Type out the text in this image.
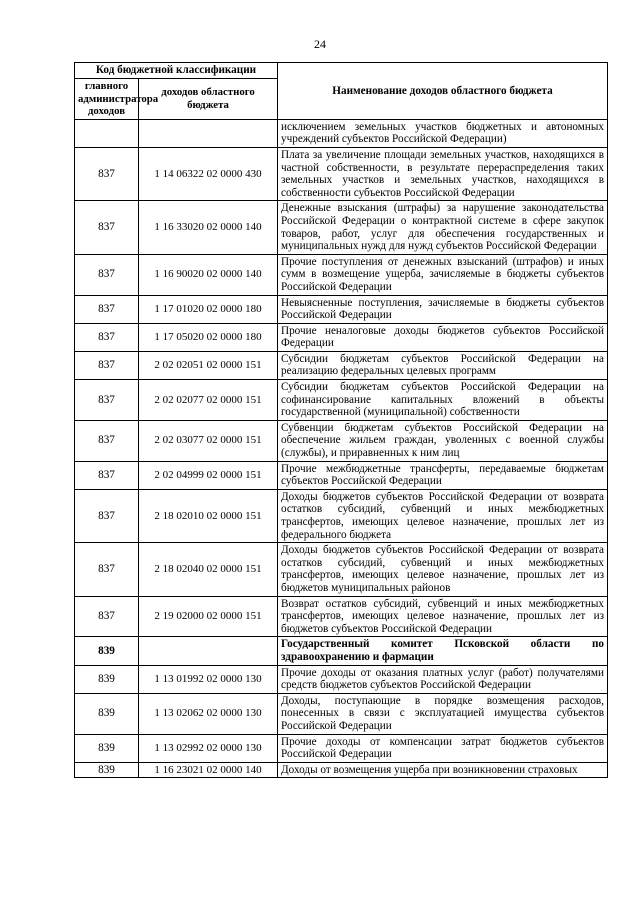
24
Код бюджетной классификации		Наименование доходов областного бюджета
главного администратора доходов	доходов областного бюджета	
		исключением земельных участков бюджетных и автономных учреждений субъектов Российской Федерации)
837	1 14 06322 02 0000 430	Плата за увеличение площади земельных участков, находящихся в частной собственности, в результате перераспределения таких земельных участков и земельных участков, находящихся в собственности субъектов Российской Федерации
837	1 16 33020 02 0000 140	Денежные взыскания (штрафы) за нарушение законодательства Российской Федерации о контрактной системе в сфере закупок товаров, работ, услуг для обеспечения государственных и муниципальных нужд для нужд субъектов Российской Федерации
837	1 16 90020 02 0000 140	Прочие поступления от денежных взысканий (штрафов) и иных сумм в возмещение ущерба, зачисляемые в бюджеты субъектов Российской Федерации
837	1 17 01020 02 0000 180	Невыясненные поступления, зачисляемые в бюджеты субъектов Российской Федерации
837	1 17 05020 02 0000 180	Прочие неналоговые доходы бюджетов субъектов Российской Федерации
837	2 02 02051 02 0000 151	Субсидии бюджетам субъектов Российской Федерации на реализацию федеральных целевых программ
837	2 02 02077 02 0000 151	Субсидии бюджетам субъектов Российской Федерации на софинансирование капитальных вложений в объекты государственной (муниципальной) собственности
837	2 02 03077 02 0000 151	Субвенции бюджетам субъектов Российской Федерации на обеспечение жильем граждан, уволенных с военной службы (службы), и приравненных к ним лиц
837	2 02 04999 02 0000 151	Прочие межбюджетные трансферты, передаваемые бюджетам субъектов Российской Федерации
837	2 18 02010 02 0000 151	Доходы бюджетов субъектов Российской Федерации от возврата остатков субсидий, субвенций и иных межбюджетных трансфертов, имеющих целевое назначение, прошлых лет из федерального бюджета
837	2 18 02040 02 0000 151	Доходы бюджетов субъектов Российской Федерации от возврата остатков субсидий, субвенций и иных межбюджетных трансфертов, имеющих целевое назначение, прошлых лет из бюджетов муниципальных районов
837	2 19 02000 02 0000 151	Возврат остатков субсидий, субвенций и иных межбюджетных трансфертов, имеющих целевое назначение, прошлых лет из бюджетов субъектов Российской Федерации
839		Государственный комитет Псковской области по здравоохранению и фармации
839	1 13 01992 02 0000 130	Прочие доходы от оказания платных услуг (работ) получателями средств бюджетов субъектов Российской Федерации
839	1 13 02062 02 0000 130	Доходы, поступающие в порядке возмещения расходов, понесенных в связи с эксплуатацией имущества субъектов Российской Федерации
839	1 13 02992 02 0000 130	Прочие доходы от компенсации затрат бюджетов субъектов Российской Федерации
839	1 16 23021 02 0000 140	Доходы от возмещения ущерба при возникновении страховых
